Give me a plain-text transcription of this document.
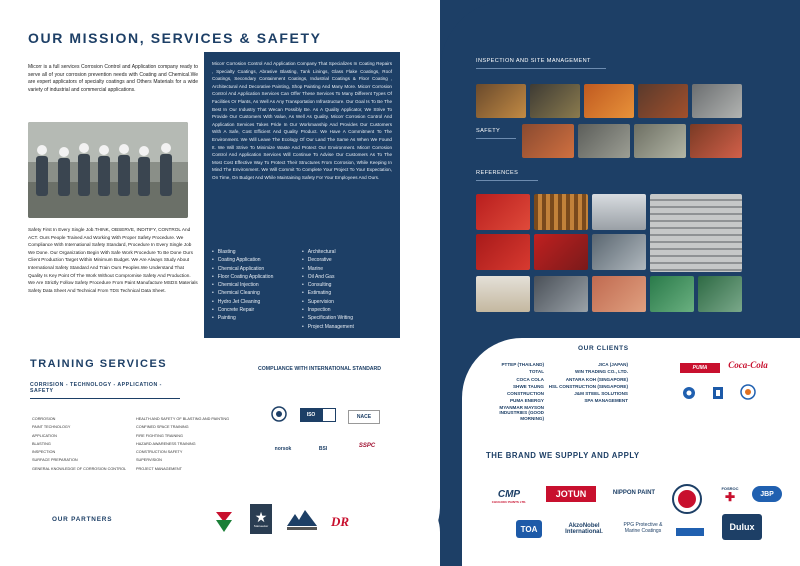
OUR MISSION, SERVICES & SAFETY
Micorr is a full services Corrosion Control and Application company ready to serve all of your corrosion prevention needs with Coating and Chemical.We are expert applicators of specialty coatings and Others Materials for a wide variety of industrial and commercial applications.
Safety First In Every Single Job.THINK, OBSERVE, INDITIFY, CONTROL And ACT. Ours People Trained And Working With Proper Safety Procedure. We Compliance With International Safety Standard, Procedure In Every Single Job We Done. Our Organization Begin With Safe Work Procedure To Be Done Ours Client Production Target Within Minimum Budget. We Are Always Study About International Safety Standard And Train Ours Peoples.We Understand That Quality Is Key Point Of The Work Without Compromise Safety And Production. We Are Strictly Follow Safety Procedure From Paint Manufacture MSDS Materials Safety Data Sheet And Technical From TDS Technical Data Sheet.

Micorr Corrosion Control And Application Company That Specializes In Coating Repairs , Specialty Coatings, Abrasive Blasting, Tank Linings, Glass Flake Coatings, Roof Coatings, Secondary Containment Coatings, Industrial Coatings & Floor Coating , Architectural And Decorative Painting, Shop Painting And Many More. Micorr Corrosion Control And Application Services Can Offer These Services To Many Different Types Of Facilities Or Plants, As Well As Any Transportation Infrastructure. Our Goal Is To Be The Best In Our Industry That Wecan Possibly Be. As A Quality Applicator, We Strive To Provide Our Customers With Value, As Well As Quality. Micorr Corrosion Control And Application Services Takes Pride In Our Workmanship And Provides Our Customers With A Safe, Cost Efficient And Quality Product. We Have A Commitment To The Environment. We Will Leave The Ecology Of Our Land The Same As When We Found It. We Will Strive To Minimize Waste And Protect Our Environment. Micorr Corrosion Control And Application Services Will Continue To Advise Our Customers As To The Most Cost Effective Way To Protect Their Structures From Corrosion, While Keeping In Mind The Environment. We Will Commit To Complete Your Project To Your Expectation, On Time, On Budget And While Maintaining Safety For Your Employees And Ours.

• Blasting
• Coating Application
• Chemical Application
• Floor Coating Application
• Chemical Injection
• Chemical Cleaning
• Hydro Jet Cleaning
• Concrete Repair
• Painting
• Architectural
• Decorative
• Marine
• Oil And Gas
• Consulting
• Estimating
• Supervision
• Inspection
• Specification Writing
• Project Management
TRAINING SERVICES
CORRISION - TECHNOLOGY - APPLICATION - SAFETY
CORROSION
PAINT TECHNOLOGY
APPLICATION
BLASTING
INSPECTION
SURFACE PREPARATION
GENERAL KNOWLEDGE OF CORROSION CONTROL
HEALTH AND SAFETY OF BLASTING AND PAINTING
CONFINED SPACE TRAINING
FIRE FIGHTING TRAINING
HAZARD AWARENESS TRAINING
CONSTRUCTION SAFETY
SUPERVISION
PROJECT MANAGEMENT
COMPLIANCE WITH INTERNATIONAL STANDARD
ISO	NACE
norsok	BSI	SSPC
OUR PARTNERS	★
Starseeker	DR
INSPECTION AND SITE MANAGEMENT
SAFETY
REFERENCES
OUR CLIENTS
PTTEP (THAILAND)
TOTAL
COCA COLA
SHWE TAUNG CONSTRUCTION
PUMA ENERGY
MYANMAR MAYSON INDUSTRIES (GOOD MORNING)
JICA (JAPAN)
WIN TRADING CO., LTD.
ANTARA KOH (SINGAPORE)
HSL CONSTRUCTION (SINGAPORE)
J&M STEEL SOLUTIONS
SPA MANAGEMENT
PUMA Coca-Cola
THE BRAND WE SUPPLY AND APPLY
CMP
CHUGOKU PAINTS LTD.
JOTUN	NIPPON PAINT
FOSROC
✚	JBP
TOA	AkzoNobel International.
PPG Protective & Marine Coatings	Dulux
